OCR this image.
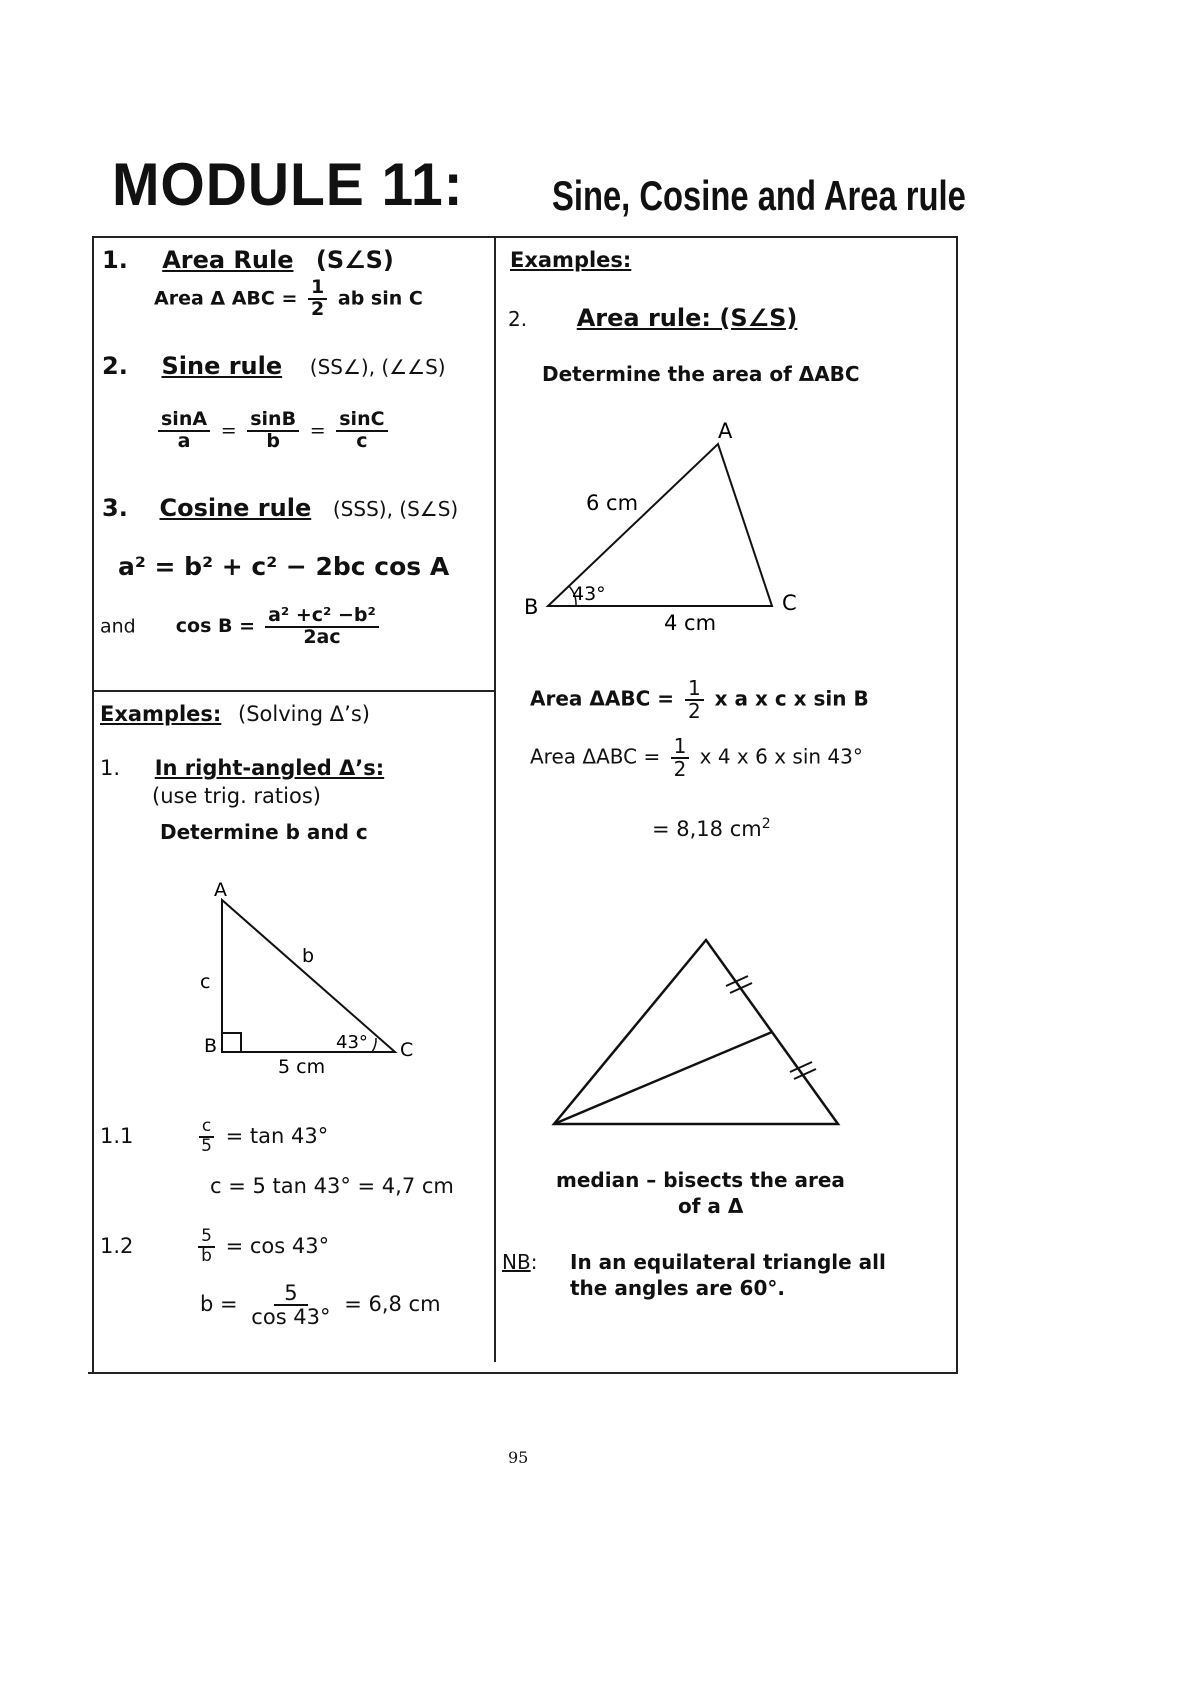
MODULE 11: Sine, Cosine and Area rule
1. Area Rule (S∠S)
Area Δ ABC = $\frac{1}{2}$ ab sin C
2. Sine rule (SS∠), (∠∠S)
$\frac{\sin A}{a} = \frac{\sin B}{b} = \frac{\sin C}{c}$
3. Cosine rule (SSS), (S∠S)
a² = b² + c² − 2bc cos A
and $\cos B = \frac{\text{a² +c² −b²}}{2ac}$
Examples: (Solving Δ’s)
1. In right-angled Δ’s:
(use trig. ratios)
Determine b and c
A
B	C
b
c
43°
5 cm
1.1	$\frac{c}{5} = \tan 43^\circ$
c = 5 tan 43° = 4,7 cm
1.2	$\frac{5}{b} = \cos 43^\circ$
$b = \frac{5}{\cos 43^\circ} = 6,8$ cm
Examples:
2. Area rule: (S∠S)
Determine the area of ΔABC
A
B	C
6 cm
43°
4 cm
Area $\Delta ABC = \frac{1}{2}$ x a x c x sin B
Area $\Delta ABC = \frac{1}{2}$ x 4 x 6 x sin 43°
= 8,18 $cm^2$
median – bisects the area
of a Δ
NB: In an equilateral triangle all
the angles are 60°.
95
